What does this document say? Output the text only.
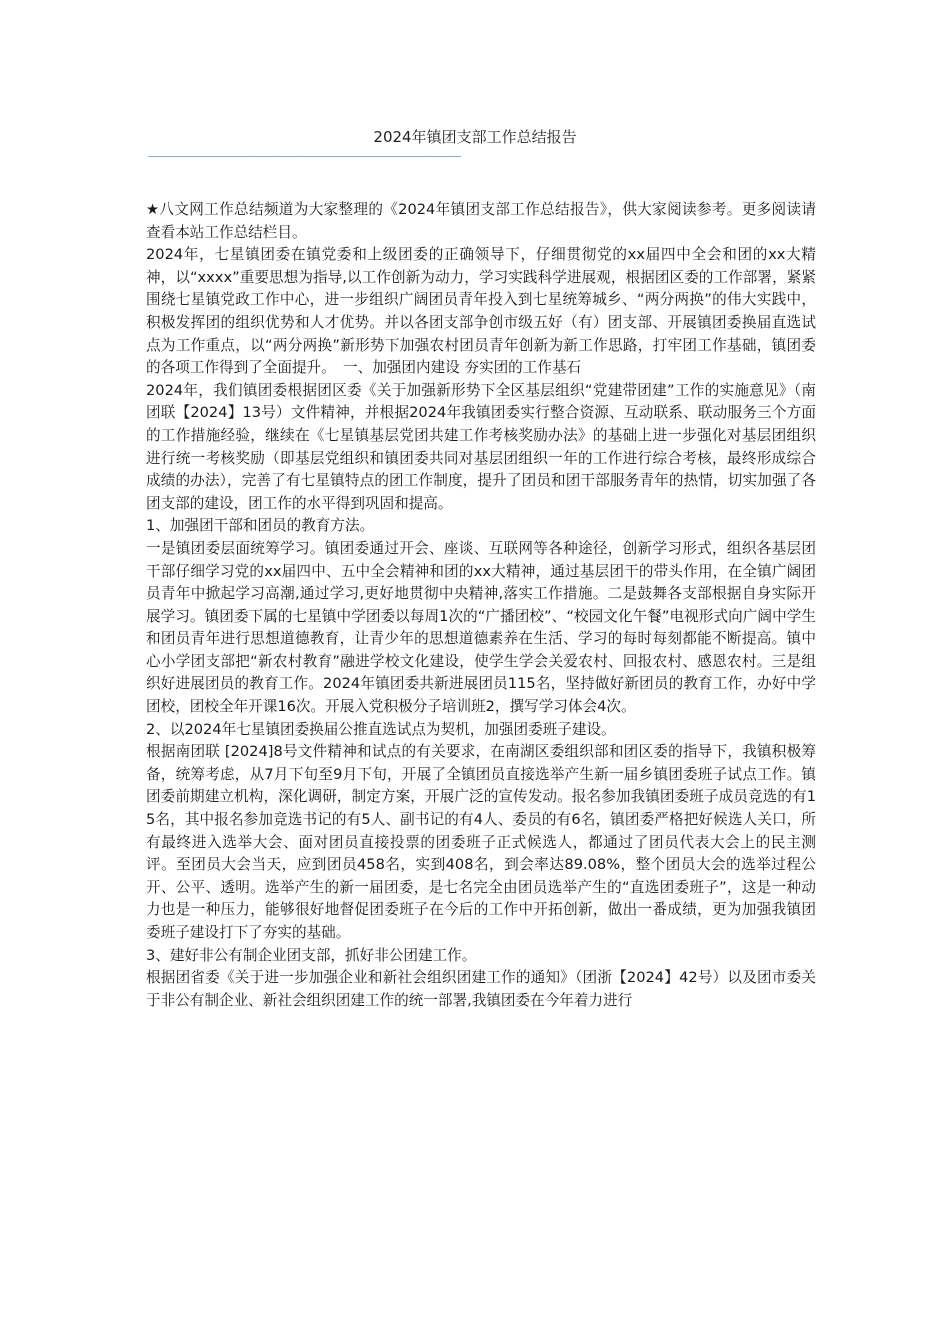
2024年镇团支部工作总结报告
————————————————————————————————————————

★八文网工作总结频道为大家整理的《2024年镇团支部工作总结报告》，供大家阅读参考。更多阅读请查看本站工作总结栏目。

2024年，七星镇团委在镇党委和上级团委的正确领导下，仔细贯彻党的xx届四中全会和团的xx大精神，以“xxxx”重要思想为指导,以工作创新为动力，学习实践科学进展观，根据团区委的工作部署，紧紧围绕七星镇党政工作中心，进一步组织广阔团员青年投入到七星统筹城乡、“两分两换”的伟大实践中，积极发挥团的组织优势和人才优势。并以各团支部争创市级五好（有）团支部、开展镇团委换届直选试点为工作重点，以“两分两换”新形势下加强农村团员青年创新为新工作思路，打牢团工作基础，镇团委的各项工作得到了全面提升。　一、加强团内建设 夯实团的工作基石

2024年，我们镇团委根据团区委《关于加强新形势下全区基层组织“党建带团建”工作的实施意见》（南团联【2024】13号）文件精神，并根据2024年我镇团委实行整合资源、互动联系、联动服务三个方面的工作措施经验，继续在《七星镇基层党团共建工作考核奖励办法》的基础上进一步强化对基层团组织进行统一考核奖励（即基层党组织和镇团委共同对基层团组织一年的工作进行综合考核，最终形成综合成绩的办法），完善了有七星镇特点的团工作制度，提升了团员和团干部服务青年的热情，切实加强了各团支部的建设，团工作的水平得到巩固和提高。

1、加强团干部和团员的教育方法。

一是镇团委层面统筹学习。镇团委通过开会、座谈、互联网等各种途径，创新学习形式，组织各基层团干部仔细学习党的xx届四中、五中全会精神和团的xx大精神，通过基层团干的带头作用，在全镇广阔团员青年中掀起学习高潮,通过学习,更好地贯彻中央精神,落实工作措施。二是鼓舞各支部根据自身实际开展学习。镇团委下属的七星镇中学团委以每周1次的“广播团校”、“校园文化午餐”电视形式向广阔中学生和团员青年进行思想道德教育，让青少年的思想道德素养在生活、学习的每时每刻都能不断提高。镇中心小学团支部把“新农村教育”融进学校文化建设，使学生学会关爱农村、回报农村、感恩农村。三是组织好进展团员的教育工作。2024年镇团委共新进展团员115名，坚持做好新团员的教育工作，办好中学团校，团校全年开课16次。开展入党积极分子培训班2，撰写学习体会4次。

2、以2024年七星镇团委换届公推直选试点为契机，加强团委班子建设。

根据南团联 [2024]8号文件精神和试点的有关要求，在南湖区委组织部和团区委的指导下，我镇积极筹备，统筹考虑，从7月下旬至9月下旬，开展了全镇团员直接选举产生新一届乡镇团委班子试点工作。镇团委前期建立机构，深化调研，制定方案，开展广泛的宣传发动。报名参加我镇团委班子成员竞选的有15名，其中报名参加竞选书记的有5人、副书记的有4人、委员的有6名，镇团委严格把好候选人关口，所有最终进入选举大会、面对团员直接投票的团委班子正式候选人，都通过了团员代表大会上的民主测评。至团员大会当天，应到团员458名，实到408名，到会率达89.08%，整个团员大会的选举过程公开、公平、透明。选举产生的新一届团委，是七名完全由团员选举产生的“直选团委班子”，这是一种动力也是一种压力，能够很好地督促团委班子在今后的工作中开拓创新，做出一番成绩，更为加强我镇团委班子建设打下了夯实的基础。

3、建好非公有制企业团支部，抓好非公团建工作。

根据团省委《关于进一步加强企业和新社会组织团建工作的通知》（团浙【2024】42号）以及团市委关于非公有制企业、新社会组织团建工作的统一部署,我镇团委在今年着力进行
